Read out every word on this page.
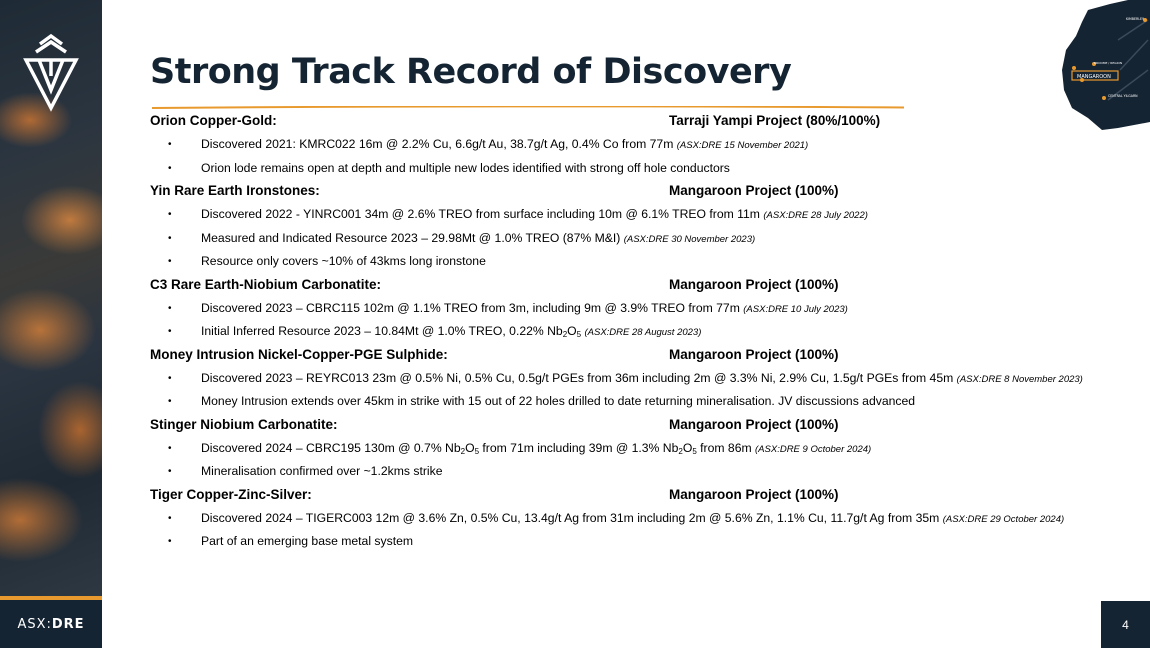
ASX:DRE
Strong Track Record of Discovery	MANGAROON
KIMBERLEY
BROOME / REGION
CENTRAL YILGARN
Orion Copper-Gold:	Tarraji Yampi Project (80%/100%)
• Discovered 2021: KMRC022 16m @ 2.2% Cu, 6.6g/t Au, 38.7g/t Ag, 0.4% Co from 77m (ASX:DRE 15 November 2021)
• Orion lode remains open at depth and multiple new lodes identified with strong off hole conductors
Yin Rare Earth Ironstones:	Mangaroon Project (100%)
• Discovered 2022 - YINRC001 34m @ 2.6% TREO from surface including 10m @ 6.1% TREO from 11m (ASX:DRE 28 July 2022)
• Measured and Indicated Resource 2023 – 29.98Mt @ 1.0% TREO (87% M&I) (ASX:DRE 30 November 2023)
• Resource only covers ~10% of 43kms long ironstone
C3 Rare Earth-Niobium Carbonatite:	Mangaroon Project (100%)
• Discovered 2023 – CBRC115 102m @ 1.1% TREO from 3m, including 9m @ 3.9% TREO from 77m (ASX:DRE 10 July 2023)
• Initial Inferred Resource 2023 – 10.84Mt @ 1.0% TREO, 0.22% $Nb_2O_5$ (ASX:DRE 28 August 2023)
Money Intrusion Nickel-Copper-PGE Sulphide:	Mangaroon Project (100%)
• Discovered 2023 – REYRC013 23m @ 0.5% Ni, 0.5% Cu, 0.5g/t PGEs from 36m including 2m @ 3.3% Ni, 2.9% Cu, 1.5g/t PGEs from 45m (ASX:DRE 8 November 2023)
• Money Intrusion extends over 45km in strike with 15 out of 22 holes drilled to date returning mineralisation. JV discussions advanced
Stinger Niobium Carbonatite:	Mangaroon Project (100%)
• Discovered 2024 – CBRC195 130m @ 0.7% $Nb_2O_5$ from 71m including 39m @ 1.3% $Nb_2O_5$ from 86m (ASX:DRE 9 October 2024)
• Mineralisation confirmed over ~1.2kms strike
Tiger Copper-Zinc-Silver:	Mangaroon Project (100%)
• Discovered 2024 – TIGERC003 12m @ 3.6% Zn, 0.5% Cu, 13.4g/t Ag from 31m including 2m @ 5.6% Zn, 1.1% Cu, 11.7g/t Ag from 35m (ASX:DRE 29 October 2024)
• Part of an emerging base metal system
4
